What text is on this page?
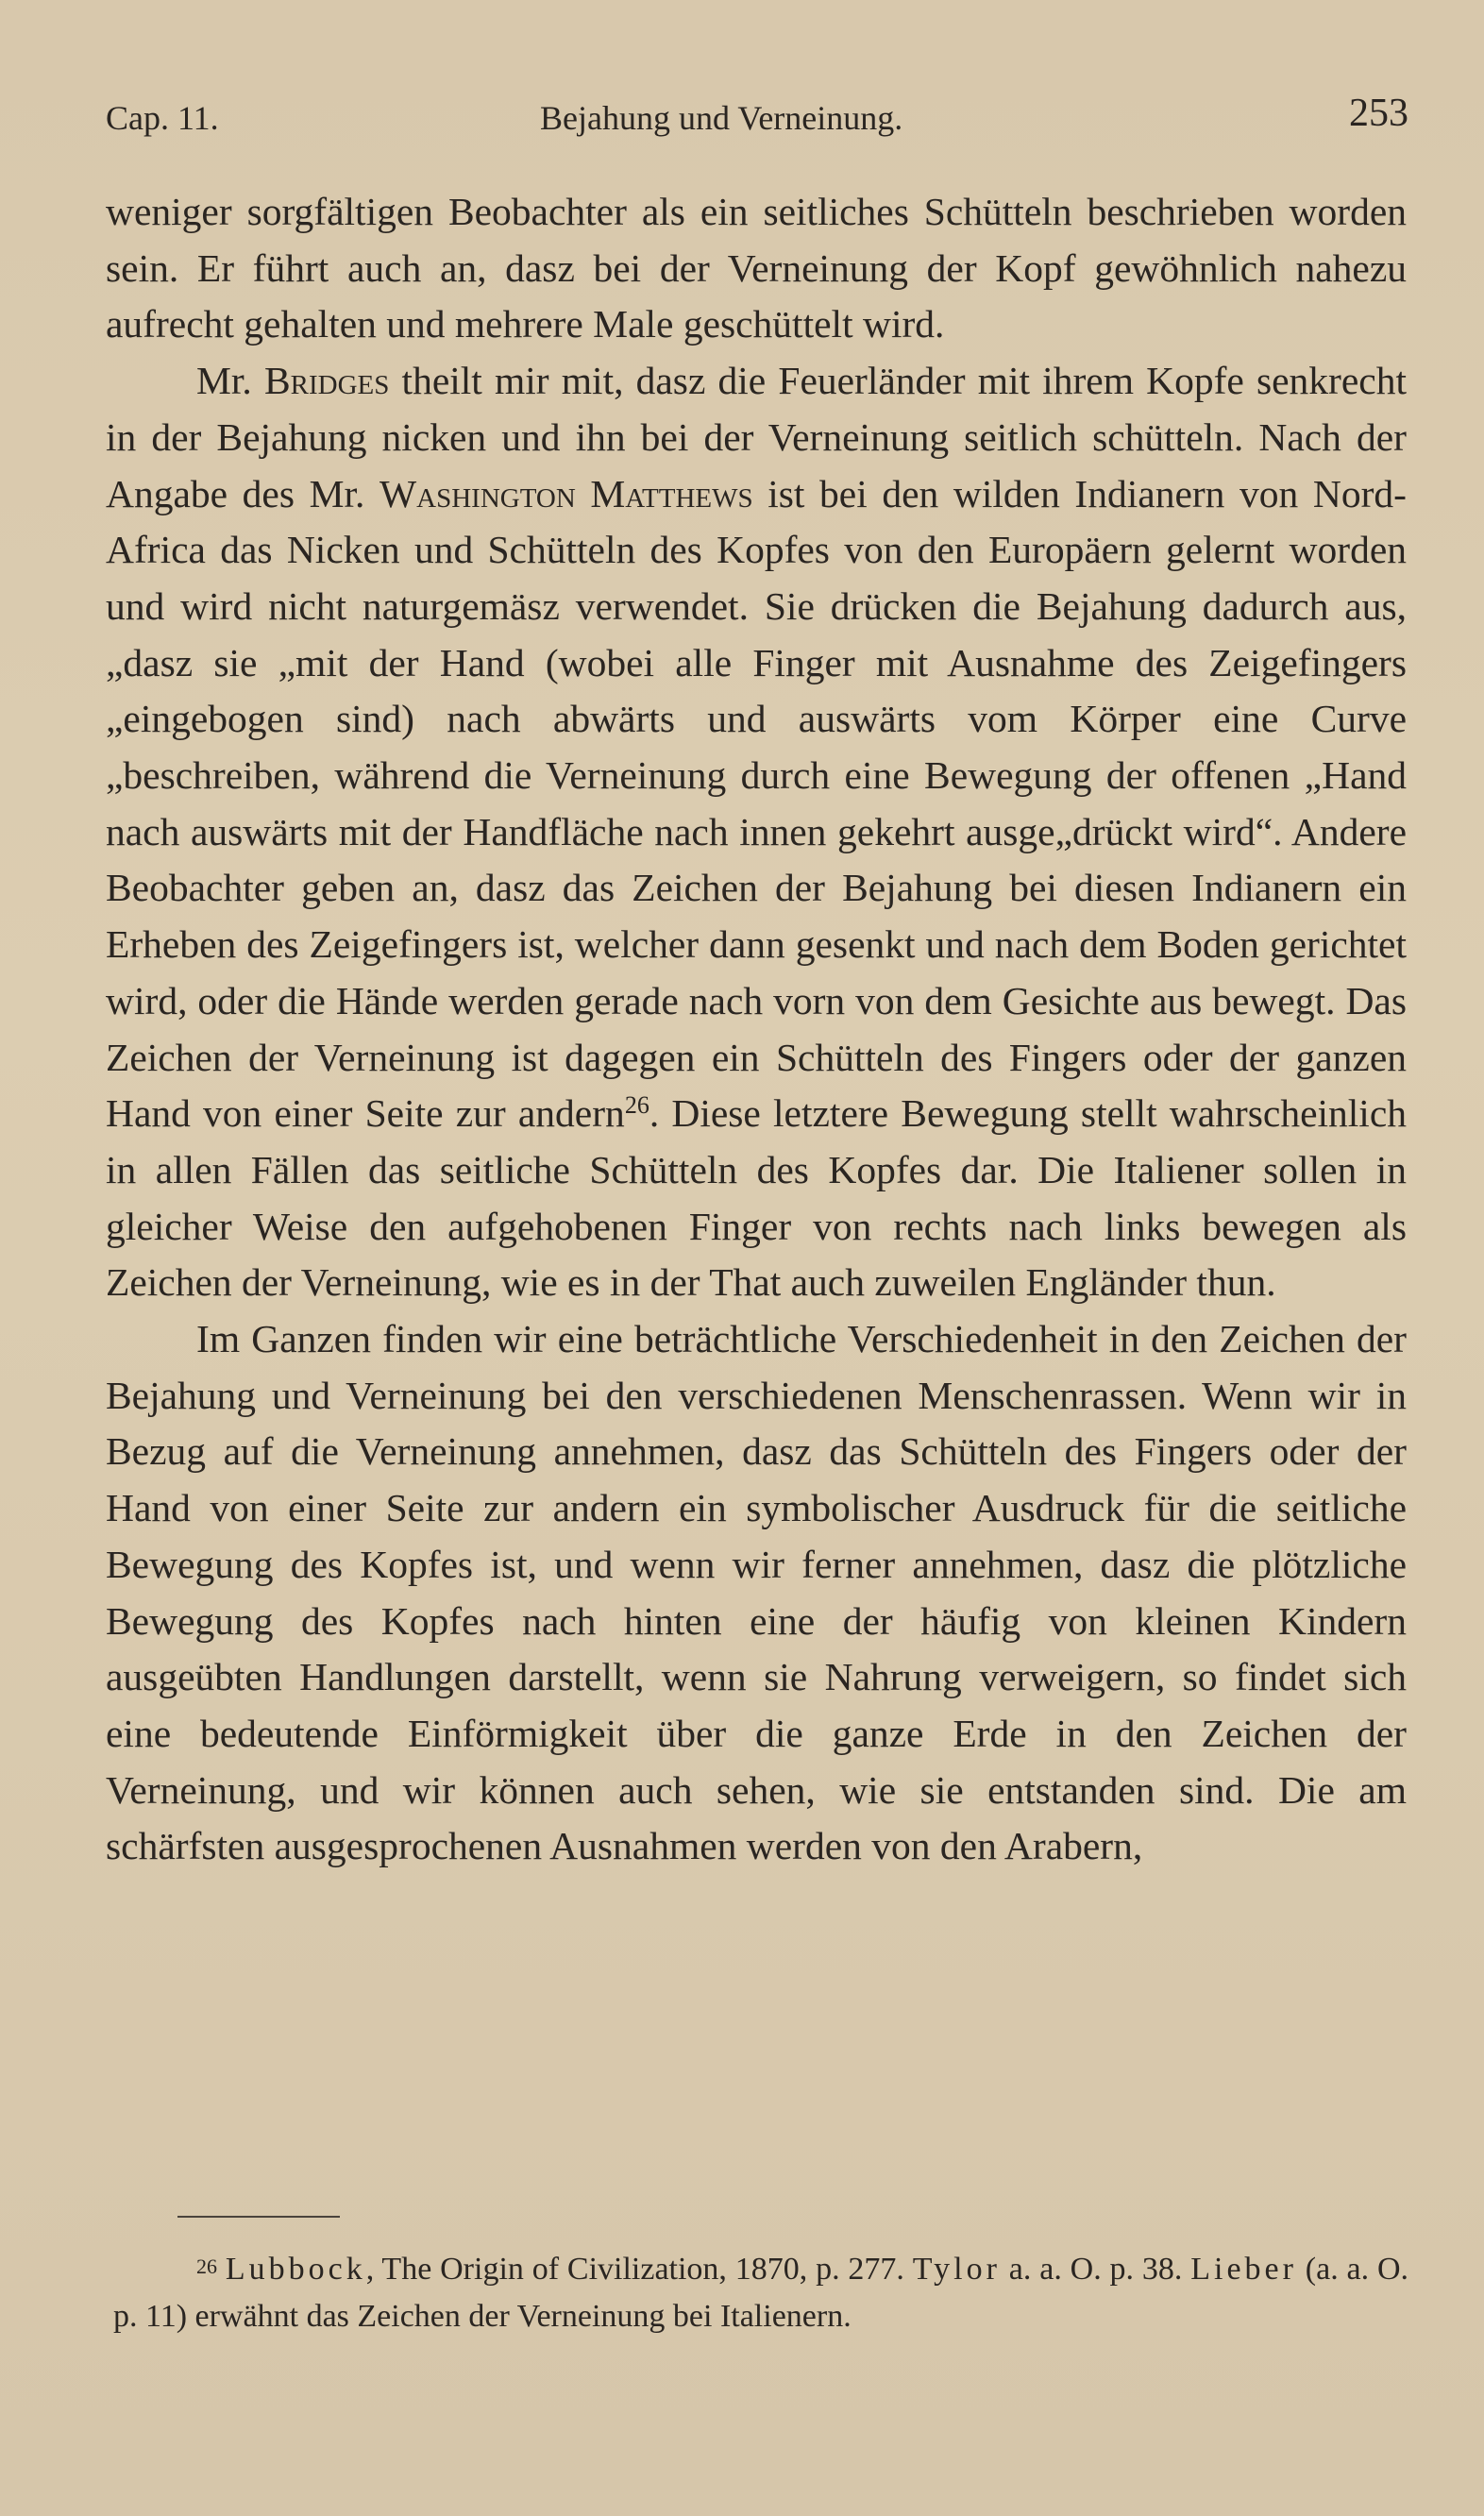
Cap. 11.	Bejahung und Verneinung.	253

weniger sorgfältigen Beobachter als ein seitliches Schütteln beschrieben worden sein. Er führt auch an, dasz bei der Verneinung der Kopf gewöhnlich nahezu aufrecht gehalten und mehrere Male geschüttelt wird.

Mr. Bridges theilt mir mit, dasz die Feuerländer mit ihrem Kopfe senkrecht in der Bejahung nicken und ihn bei der Verneinung seitlich schütteln. Nach der Angabe des Mr. Washington Matthews ist bei den wilden Indianern von Nord-Africa das Nicken und Schütteln des Kopfes von den Europäern gelernt worden und wird nicht naturgemäsz verwendet. Sie drücken die Bejahung dadurch aus, „dasz sie „mit der Hand (wobei alle Finger mit Ausnahme des Zeigefingers „eingebogen sind) nach abwärts und auswärts vom Körper eine Curve „beschreiben, während die Verneinung durch eine Bewegung der offenen „Hand nach auswärts mit der Handfläche nach innen gekehrt ausge„drückt wird“. Andere Beobachter geben an, dasz das Zeichen der Bejahung bei diesen Indianern ein Erheben des Zeigefingers ist, welcher dann gesenkt und nach dem Boden gerichtet wird, oder die Hände werden gerade nach vorn von dem Gesichte aus bewegt. Das Zeichen der Verneinung ist dagegen ein Schütteln des Fingers oder der ganzen Hand von einer Seite zur andern$^{26}$. Diese letztere Bewegung stellt wahrscheinlich in allen Fällen das seitliche Schütteln des Kopfes dar. Die Italiener sollen in gleicher Weise den aufgehobenen Finger von rechts nach links bewegen als Zeichen der Verneinung, wie es in der That auch zuweilen Engländer thun.

Im Ganzen finden wir eine beträchtliche Verschiedenheit in den Zeichen der Bejahung und Verneinung bei den verschiedenen Menschenrassen. Wenn wir in Bezug auf die Verneinung annehmen, dasz das Schütteln des Fingers oder der Hand von einer Seite zur andern ein symbolischer Ausdruck für die seitliche Bewegung des Kopfes ist, und wenn wir ferner annehmen, dasz die plötzliche Bewegung des Kopfes nach hinten eine der häufig von kleinen Kindern ausgeübten Handlungen darstellt, wenn sie Nahrung verweigern, so findet sich eine bedeutende Einförmigkeit über die ganze Erde in den Zeichen der Verneinung, und wir können auch sehen, wie sie entstanden sind. Die am schärfsten ausgesprochenen Ausnahmen werden von den Arabern,

26 Lubbock, The Origin of Civilization, 1870, p. 277. Tylor a. a. O. p. 38. Lieber (a. a. O. p. 11) erwähnt das Zeichen der Verneinung bei Italienern.
